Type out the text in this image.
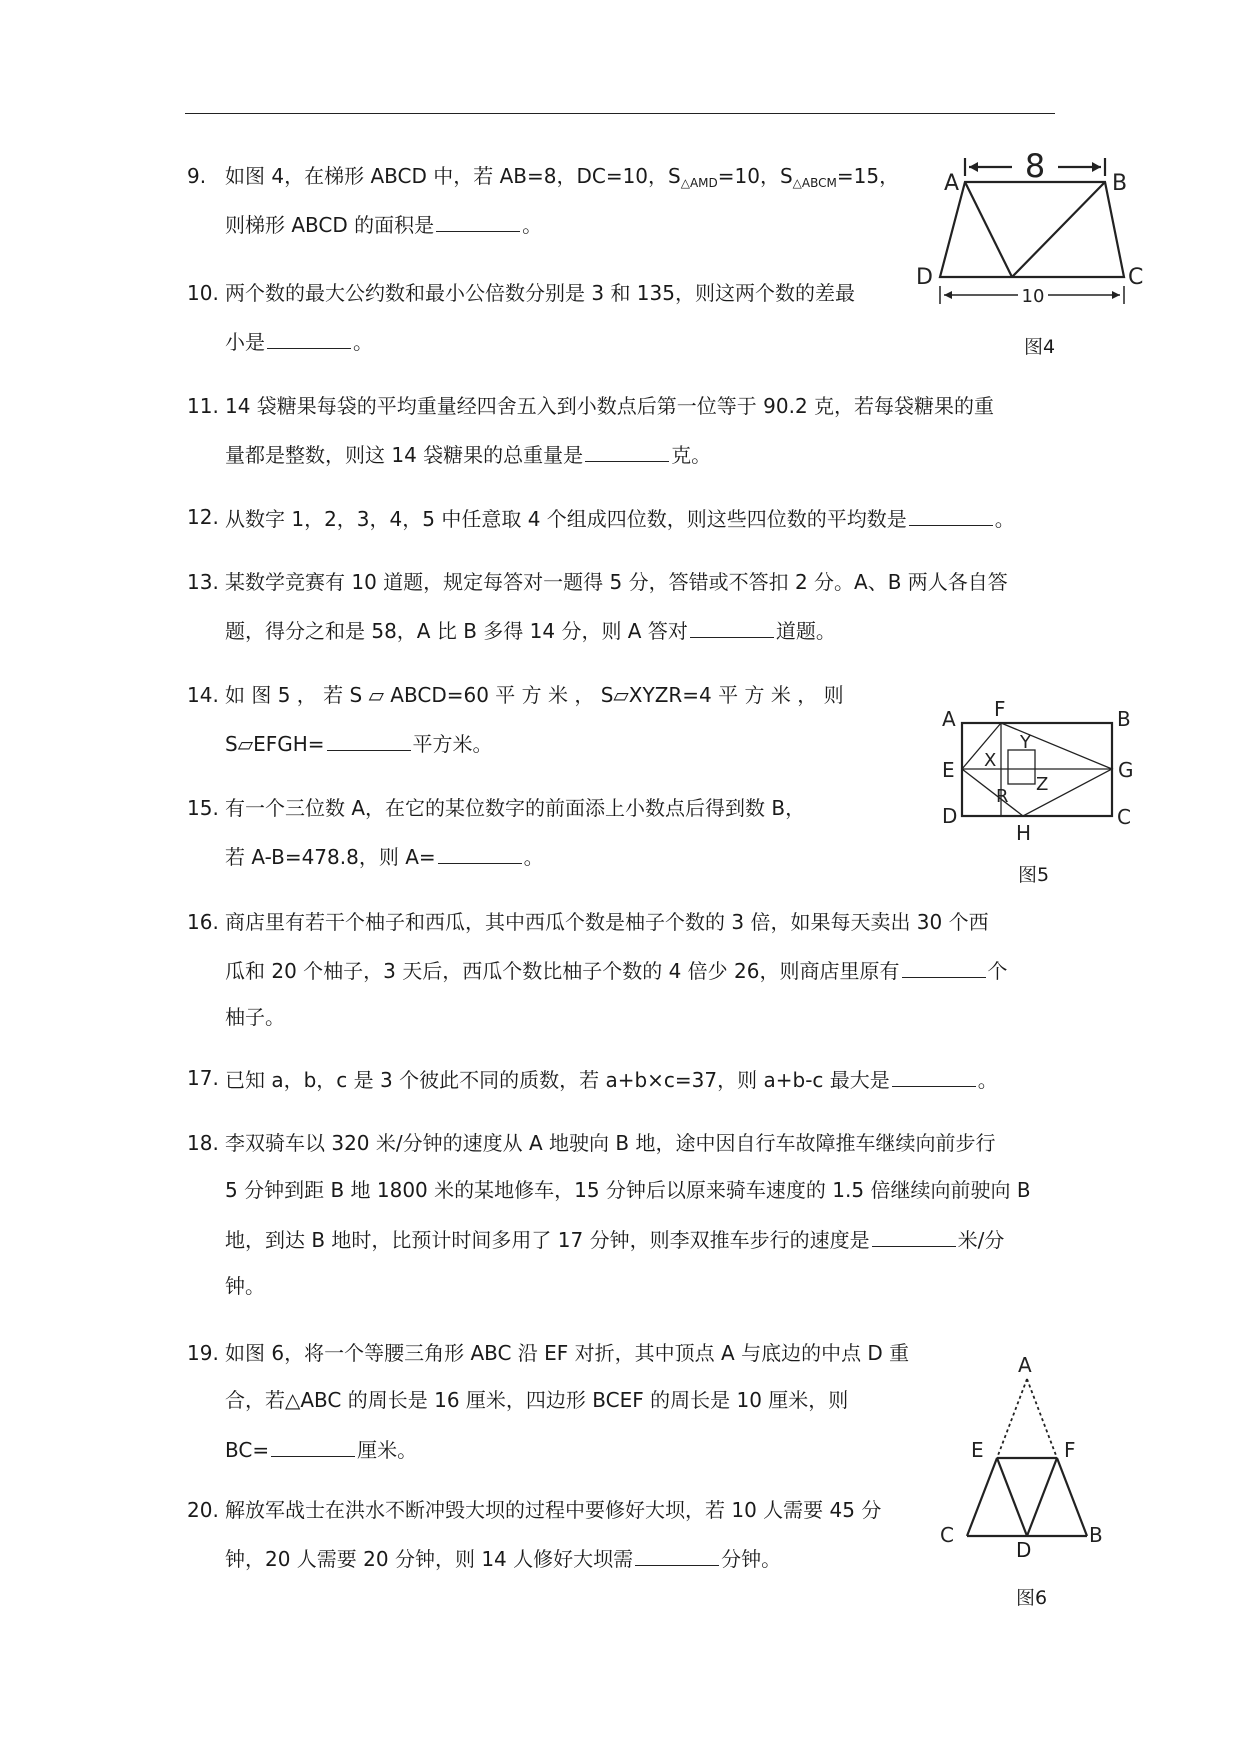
9. 如图 4，在梯形 ABCD 中，若 AB=8，DC=10，$S_{\triangle AMD}=10$，$S_{\triangle ABCM}=15$，
则梯形 ABCD 的面积是	。
10. 两个数的最大公约数和最小公倍数分别是 3 和 135，则这两个数的差最
小是	。
11. 14 袋糖果每袋的平均重量经四舍五入到小数点后第一位等于 90.2 克，若每袋糖果的重
量都是整数，则这 14 袋糖果的总重量是	克。
12. 从数字 1，2，3，4，5 中任意取 4 个组成四位数，则这些四位数的平均数是	。
13. 某数学竞赛有 10 道题，规定每答对一题得 5 分，答错或不答扣 2 分。A、B 两人各自答
题，得分之和是 58，A 比 B 多得 14 分，则 A 答对	道题。
14. 如 图 5 ， 若 S ▱ ABCD=60 平 方 米 ， S▱XYZR=4 平 方 米 ， 则
S▱EFGH=	平方米。
15. 有一个三位数 A，在它的某位数字的前面添上小数点后得到数 B，
若 A-B=478.8，则 A=	。
16. 商店里有若干个柚子和西瓜，其中西瓜个数是柚子个数的 3 倍，如果每天卖出 30 个西
瓜和 20 个柚子，3 天后，西瓜个数比柚子个数的 4 倍少 26，则商店里原有	个
柚子。
17. 已知 a，b，c 是 3 个彼此不同的质数，若 a+b×c=37，则 a+b-c 最大是	。
18. 李双骑车以 320 米/分钟的速度从 A 地驶向 B 地，途中因自行车故障推车继续向前步行
5 分钟到距 B 地 1800 米的某地修车，15 分钟后以原来骑车速度的 1.5 倍继续向前驶向 B
地，到达 B 地时，比预计时间多用了 17 分钟，则李双推车步行的速度是	米/分
钟。
19. 如图 6，将一个等腰三角形 ABC 沿 EF 对折，其中顶点 A 与底边的中点 D 重
合，若△ABC 的周长是 16 厘米，四边形 BCEF 的周长是 10 厘米，则
BC=	厘米。
20. 解放军战士在洪水不断冲毁大坝的过程中要修好大坝，若 10 人需要 45 分
钟，20 人需要 20 分钟，则 14 人修好大坝需	分钟。
8
10
A	B
C
D
图4
A F	B
G
E
D	C
H
X
Y
Z
R
图5
A
E	F
C	B
D
图6
